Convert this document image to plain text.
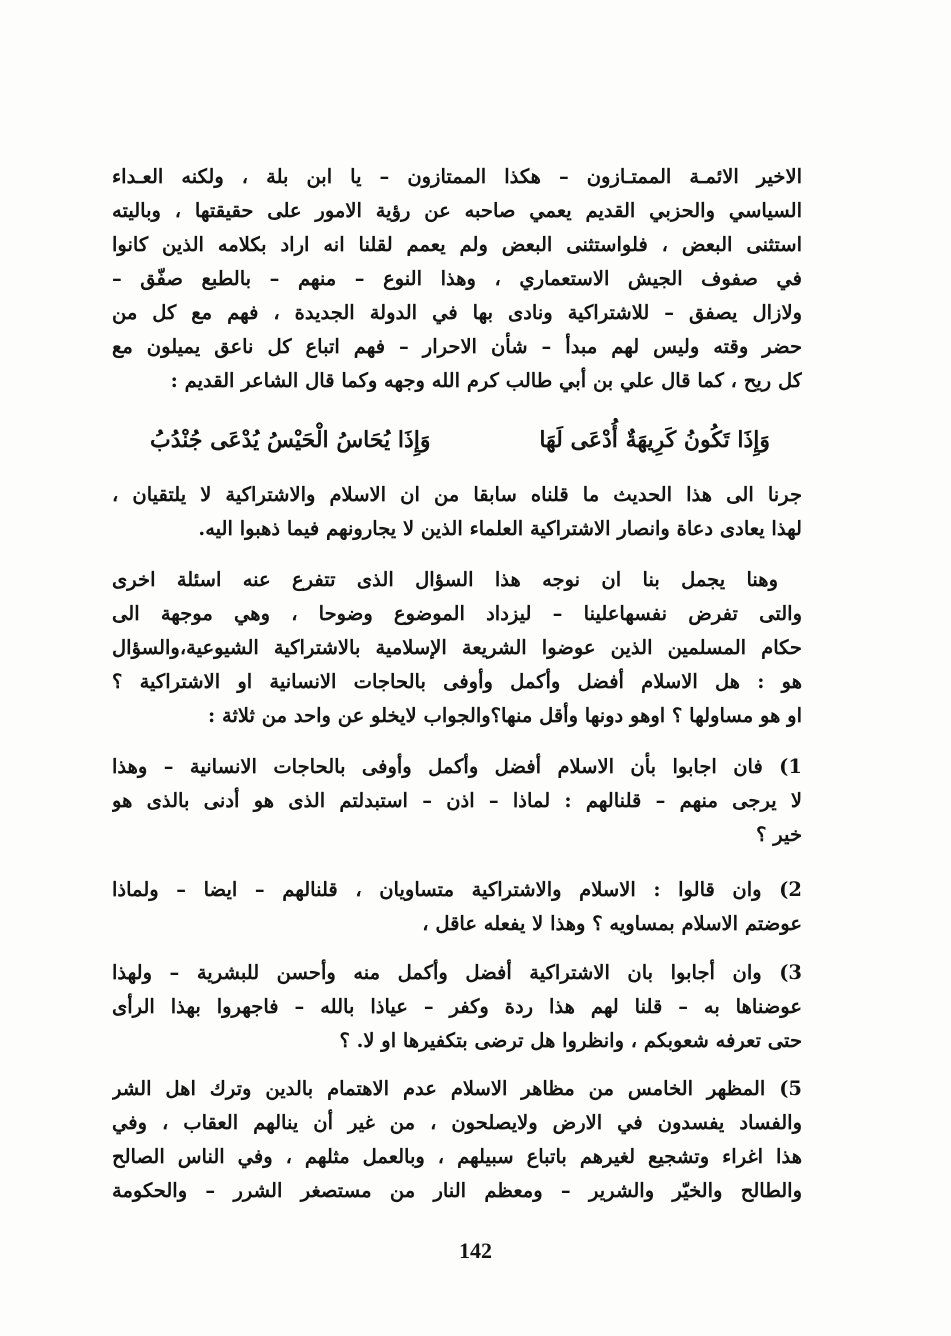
الاخير الائمـة الممتـازون – هكذا الممتازون – يا ابن بلة ، ولكنه العـداء
السياسي والحزبي القديم يعمي صاحبه عن رؤية الامور على حقيقتها ، وباليته
استثنى البعض ، فلواستثنى البعض ولم يعمم لقلنا انه اراد بكلامه الذين كانوا
في صفوف الجيش الاستعماري ، وهذا النوع – منهم – بالطبع صفّق –
ولازال يصفق – للاشتراكية ونادى بها في الدولة الجديدة ، فهم مع كل من
حضر وقته وليس لهم مبدأ – شأن الاحرار – فهم اتباع كل ناعق يميلون مع
كل ريح ، كما قال علي بن أبي طالب كرم الله وجهه وكما قال الشاعر القديم :
وَإِذَا تَكُونُ كَرِيهَةٌ أُدْعَى لَهَا
وَإِذَا يُحَاسُ الْحَيْسُ يُدْعَى جُنْدُبُ
جرنا الى هذا الحديث ما قلناه سابقا من ان الاسلام والاشتراكية لا يلتقيان ،
لهذا يعادى دعاة وانصار الاشتراكية العلماء الذين لا يجارونهم فيما ذهبوا اليه.
وهنا يجمل بنا ان نوجه هذا السؤال الذى تتفرع عنه اسئلة اخرى
والتى تفرض نفسهاعلينا – ليزداد الموضوع وضوحا ، وهي موجهة الى
حكام المسلمين الذين عوضوا الشريعة الإسلامية بالاشتراكية الشيوعية،والسؤال
هو : هل الاسلام أفضل وأكمل وأوفى بالحاجات الانسانية او الاشتراكية ؟
او هو مساولها ؟ اوهو دونها وأقل منها؟والجواب لايخلو عن واحد من ثلاثة :
1) فان اجابوا بأن الاسلام أفضل وأكمل وأوفى بالحاجات الانسانية – وهذا
لا يرجى منهم – قلنالهم : لماذا – اذن – استبدلتم الذى هو أدنى بالذى هو
خير ؟
2) وان قالوا : الاسلام والاشتراكية متساويان ، قلنالهم – ايضا – ولماذا
عوضتم الاسلام بمساويه ؟ وهذا لا يفعله عاقل ،
3) وان أجابوا بان الاشتراكية أفضل وأكمل منه وأحسن للبشرية – ولهذا
عوضناها به – قلنا لهم هذا ردة وكفر – عياذا بالله – فاجهروا بهذا الرأى
حتى تعرفه شعوبكم ، وانظروا هل ترضى بتكفيرها او لا. ؟
5) المظهر الخامس من مظاهر الاسلام عدم الاهتمام بالدين وترك اهل الشر
والفساد يفسدون في الارض ولايصلحون ، من غير أن ينالهم العقاب ، وفي
هذا اغراء وتشجيع لغيرهم باتباع سبيلهم ، وبالعمل مثلهم ، وفي الناس الصالح
والطالح والخيّر والشرير – ومعظم النار من مستصغر الشرر – والحكومة
142
